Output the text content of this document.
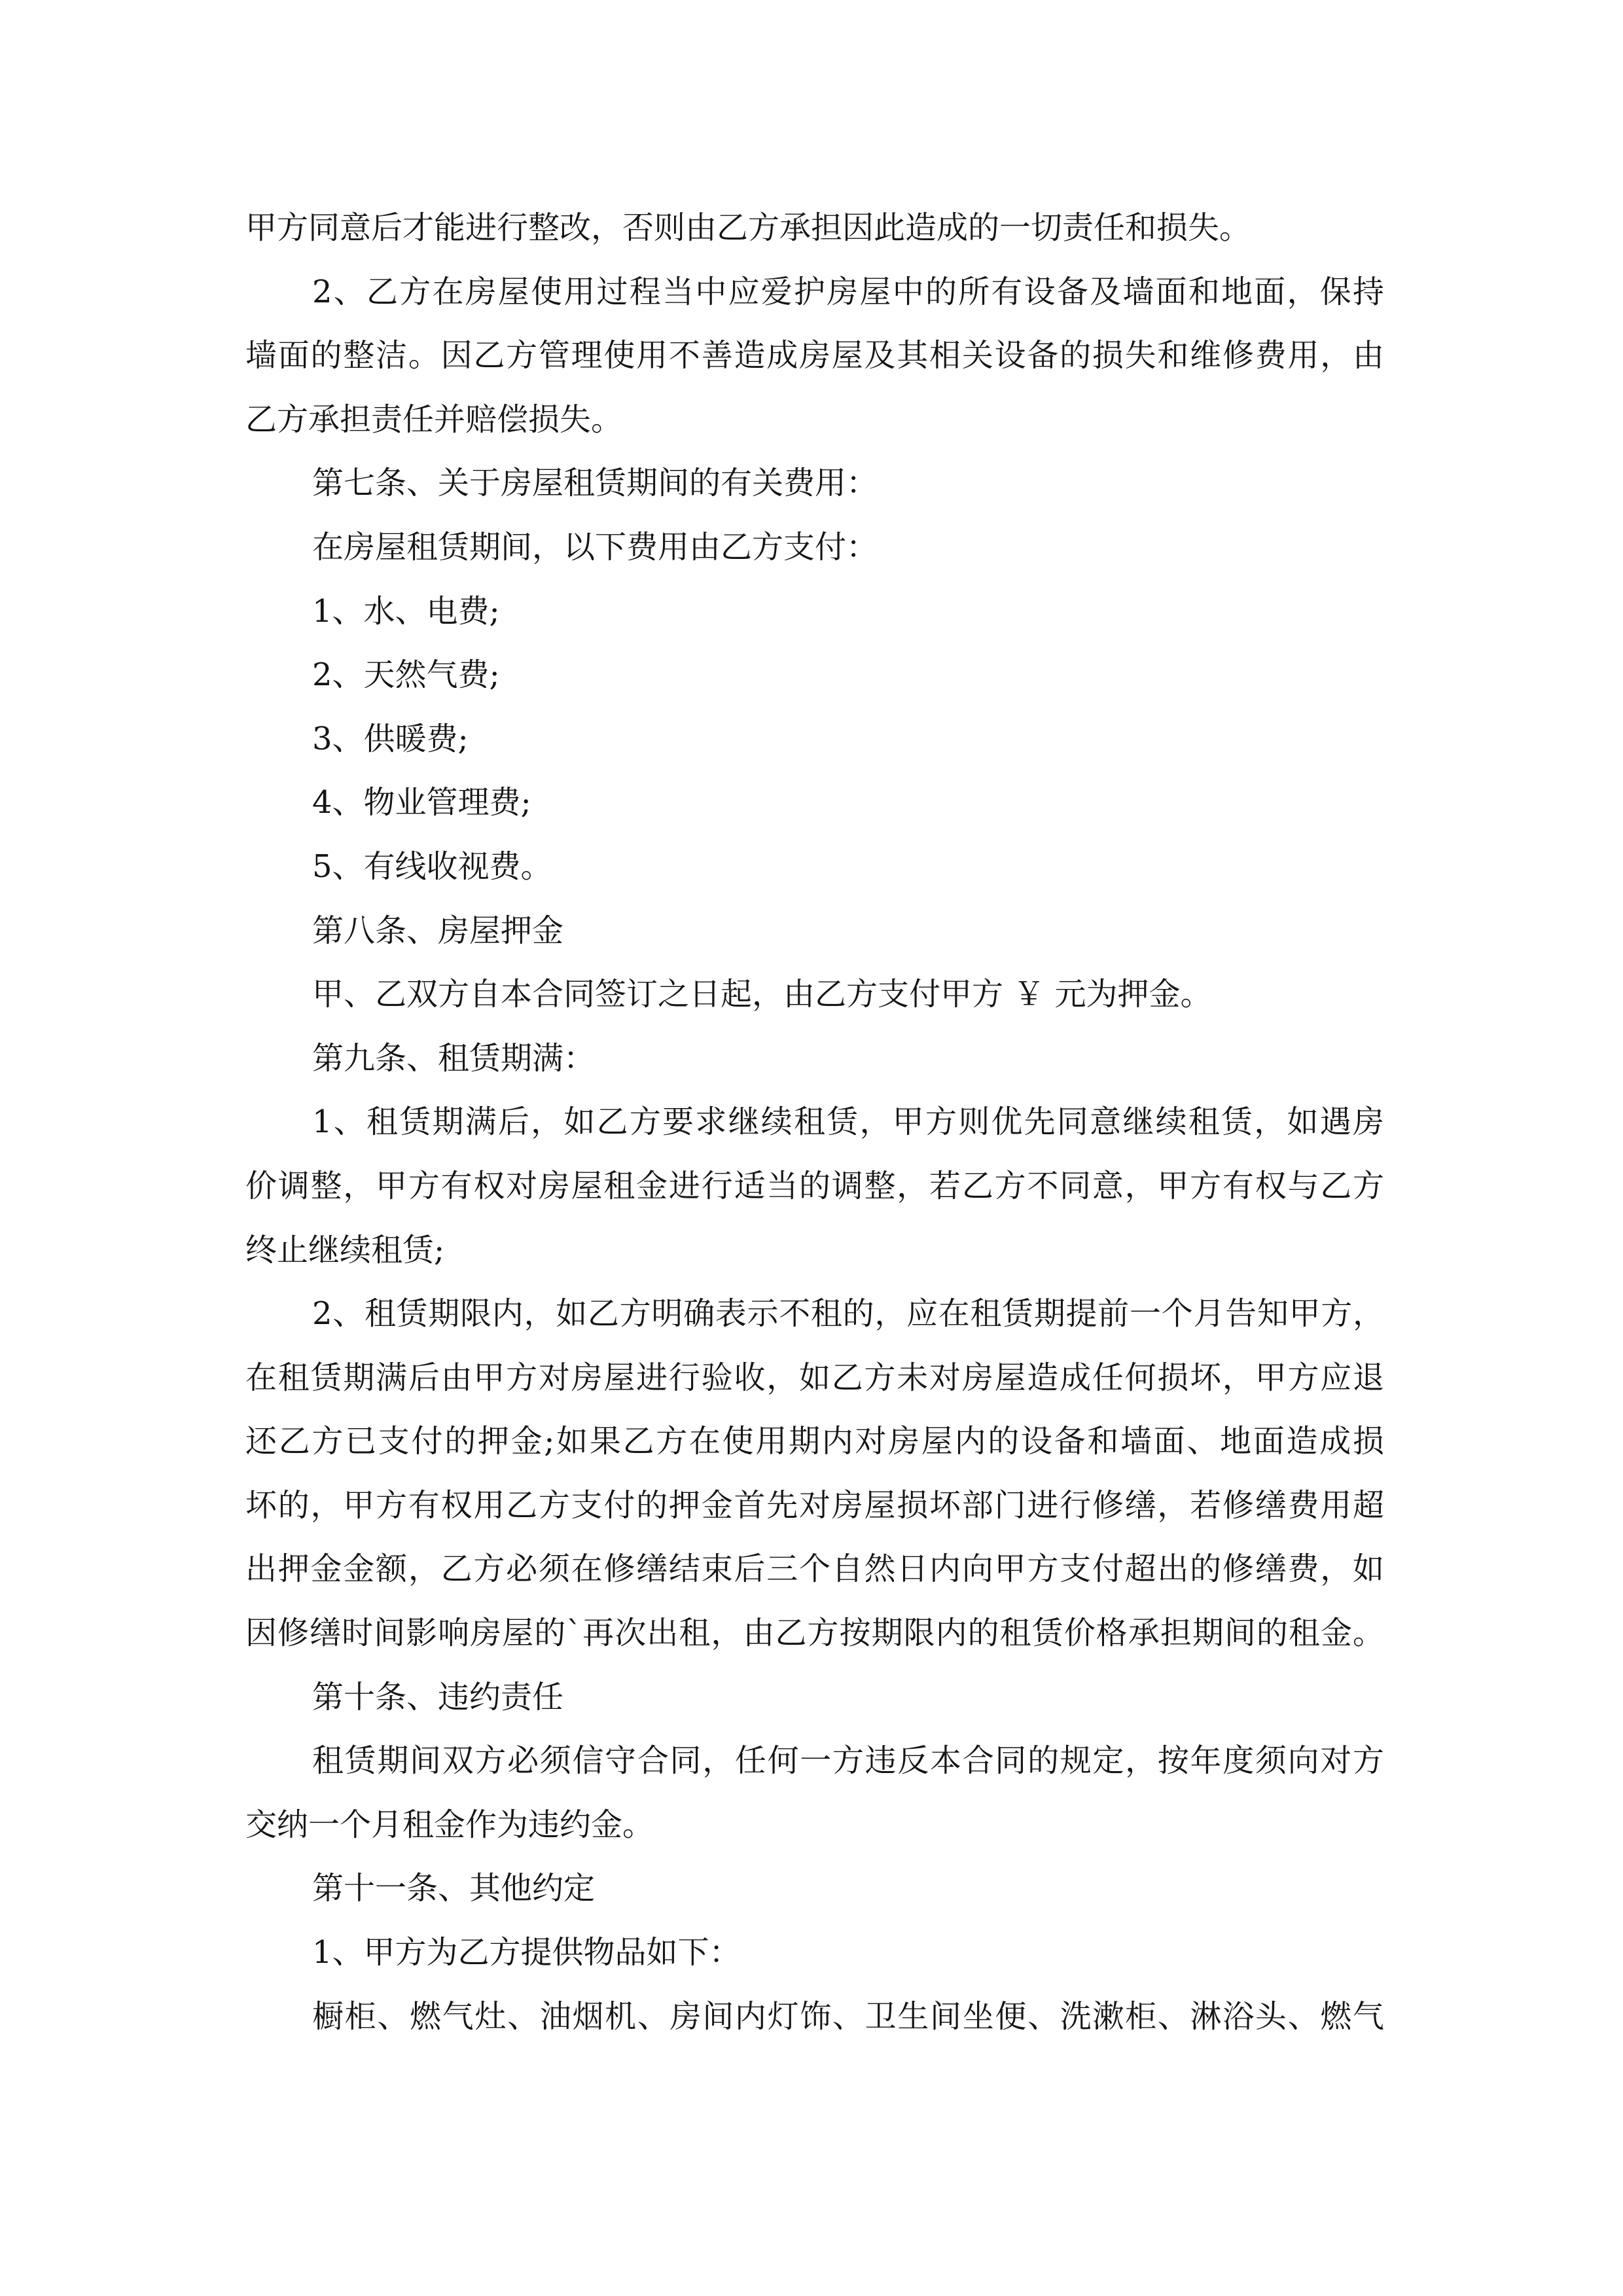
甲方同意后才能进行整改，否则由乙方承担因此造成的一切责任和损失。
2、乙方在房屋使用过程当中应爱护房屋中的所有设备及墙面和地面，保持
墙面的整洁。因乙方管理使用不善造成房屋及其相关设备的损失和维修费用，由
乙方承担责任并赔偿损失。
第七条、关于房屋租赁期间的有关费用：
在房屋租赁期间，以下费用由乙方支付：
1、水、电费;
2、天然气费;
3、供暖费;
4、物业管理费;
5、有线收视费。
第八条、房屋押金
甲、乙双方自本合同签订之日起，由乙方支付甲方 ￥ 元为押金。
第九条、租赁期满：
1、租赁期满后，如乙方要求继续租赁，甲方则优先同意继续租赁，如遇房
价调整，甲方有权对房屋租金进行适当的调整，若乙方不同意，甲方有权与乙方
终止继续租赁;
2、租赁期限内，如乙方明确表示不租的，应在租赁期提前一个月告知甲方，
在租赁期满后由甲方对房屋进行验收，如乙方未对房屋造成任何损坏，甲方应退
还乙方已支付的押金;如果乙方在使用期内对房屋内的设备和墙面、地面造成损
坏的，甲方有权用乙方支付的押金首先对房屋损坏部门进行修缮，若修缮费用超
出押金金额，乙方必须在修缮结束后三个自然日内向甲方支付超出的修缮费，如
因修缮时间影响房屋的`再次出租，由乙方按期限内的租赁价格承担期间的租金。
第十条、违约责任
租赁期间双方必须信守合同，任何一方违反本合同的规定，按年度须向对方
交纳一个月租金作为违约金。
第十一条、其他约定
1、甲方为乙方提供物品如下：
橱柜、燃气灶、油烟机、房间内灯饰、卫生间坐便、洗漱柜、淋浴头、燃气
